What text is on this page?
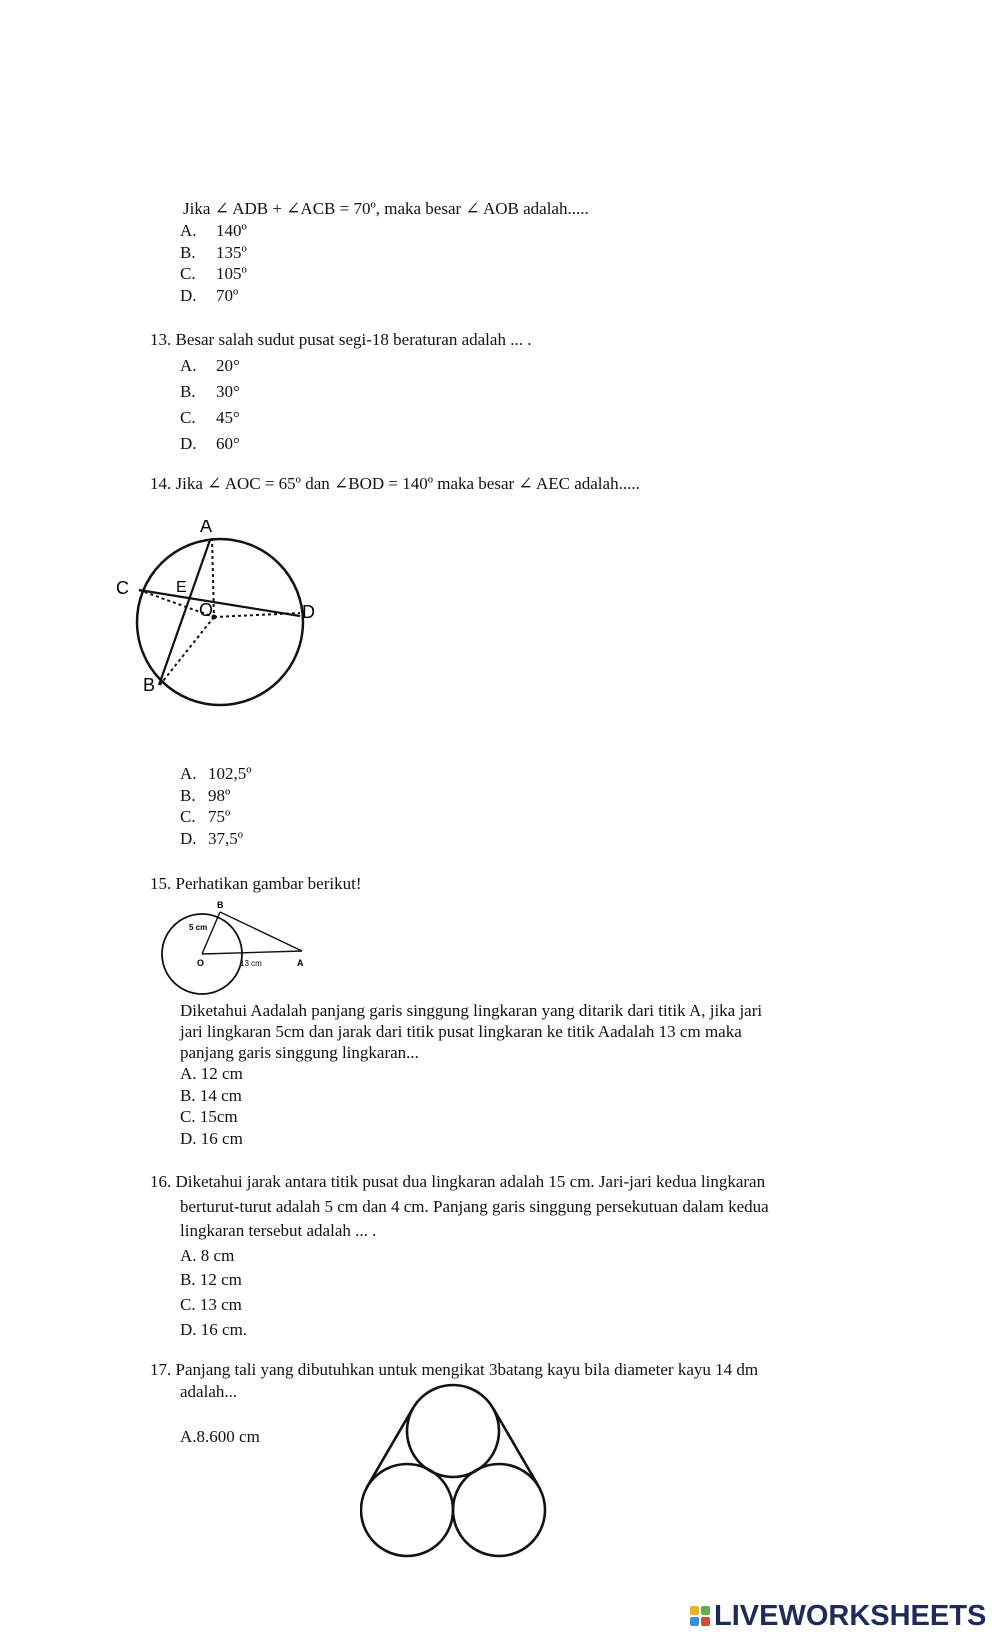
Jika ∠ ADB + ∠ACB = 70º, maka besar ∠ AOB adalah.....
A. 140º
B. 135º
C. 105º
D. 70º
13. Besar salah sudut pusat segi-18 beraturan adalah ... .
A. 20°
B. 30°
C. 45°
D. 60°
14. Jika ∠ AOC = 65º dan ∠BOD = 140º maka besar ∠ AEC adalah.....
A
C	E
O	D
B
A. 102,5º
B. 98º
C. 75º
D. 37,5º
15. Perhatikan gambar berikut!
B
5 cm
O	13 cm	A
Diketahui Aadalah panjang garis singgung lingkaran yang ditarik dari titik A, jika jari
jari lingkaran 5cm dan jarak dari titik pusat lingkaran ke titik Aadalah 13 cm maka
panjang garis singgung lingkaran...
A. 12 cm
B. 14 cm
C. 15cm
D. 16 cm
16. Diketahui jarak antara titik pusat dua lingkaran adalah 15 cm. Jari-jari kedua lingkaran
berturut-turut adalah 5 cm dan 4 cm. Panjang garis singgung persekutuan dalam kedua
lingkaran tersebut adalah ... .
A. 8 cm
B. 12 cm
C. 13 cm
D. 16 cm.
17. Panjang tali yang dibutuhkan untuk mengikat 3batang kayu bila diameter kayu 14 dm
adalah...
A.8.600 cm
LIVEWORKSHEETS
